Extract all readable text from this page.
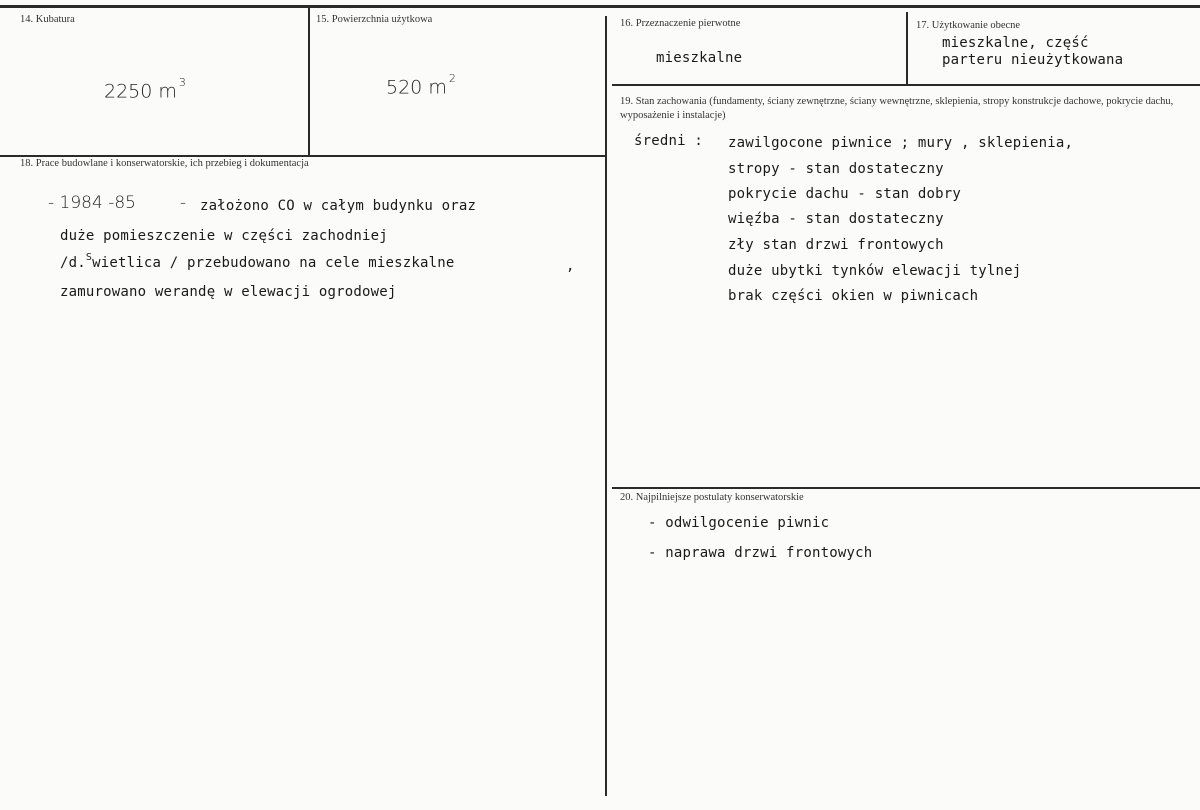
14. Kubatura
2250 m $^3$
15. Powierzchnia użytkowa
520 m $^2$
16. Przeznaczenie pierwotne
mieszkalne
17. Użytkowanie obecne
mieszkalne, część
parteru nieużytkowana
18. Prace budowlane i konserwatorskie, ich przebieg i dokumentacja
- 1984 -85	- założono CO w całym budynku oraz
duże pomieszczenie w części zachodniej
/d.$^S$wietlica / przebudowano na cele mieszkalne	,
zamurowano werandę w elewacji ogrodowej
19. Stan zachowania (fundamenty, ściany zewnętrzne, ściany wewnętrzne, sklepienia, stropy konstrukcje dachowe, pokrycie dachu, wyposażenie i instalacje)
średni : zawilgocone piwnice ; mury , sklepienia,
stropy - stan dostateczny
pokrycie dachu - stan dobry
więźba - stan dostateczny
zły stan drzwi frontowych
duże ubytki tynków elewacji tylnej
brak części okien w piwnicach
20. Najpilniejsze postulaty konserwatorskie
- odwilgocenie piwnic
- naprawa drzwi frontowych
